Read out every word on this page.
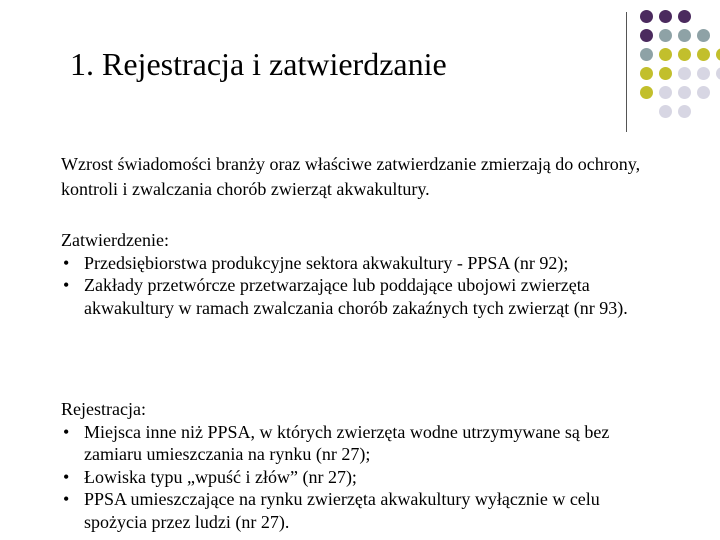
1. Rejestracja i zatwierdzanie
Wzrost świadomości branży oraz właściwe zatwierdzanie zmierzają do ochrony, kontroli i zwalczania chorób zwierząt akwakultury.

Zatwierdzenie:

• Przedsiębiorstwa produkcyjne sektora akwakultury - PPSA (nr 92);
• Zakłady przetwórcze przetwarzające lub poddające ubojowi zwierzęta akwakultury w ramach zwalczania chorób zakaźnych tych zwierząt (nr 93).

Rejestracja:

• Miejsca inne niż PPSA, w których zwierzęta wodne utrzymywane są bez zamiaru umieszczania na rynku (nr 27);
• Łowiska typu „wpuść i złów” (nr 27);
• PPSA umieszczające na rynku zwierzęta akwakultury wyłącznie w celu spożycia przez ludzi (nr 27).
